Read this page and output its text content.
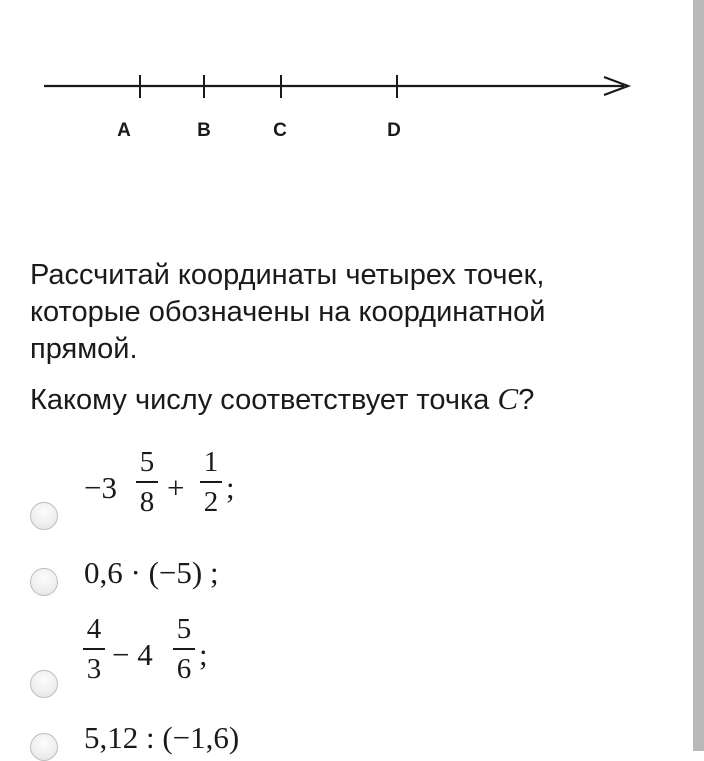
A	B	C	D

Рассчитай координаты четырех точек, которые обозначены на координатной прямой.

Какому числу соответствует точка C?

−3
5
8 +
1
2 ;
0,6 · (−5) ;
4
3 − 4
5
6 ;
5,12 : (−1,6)
